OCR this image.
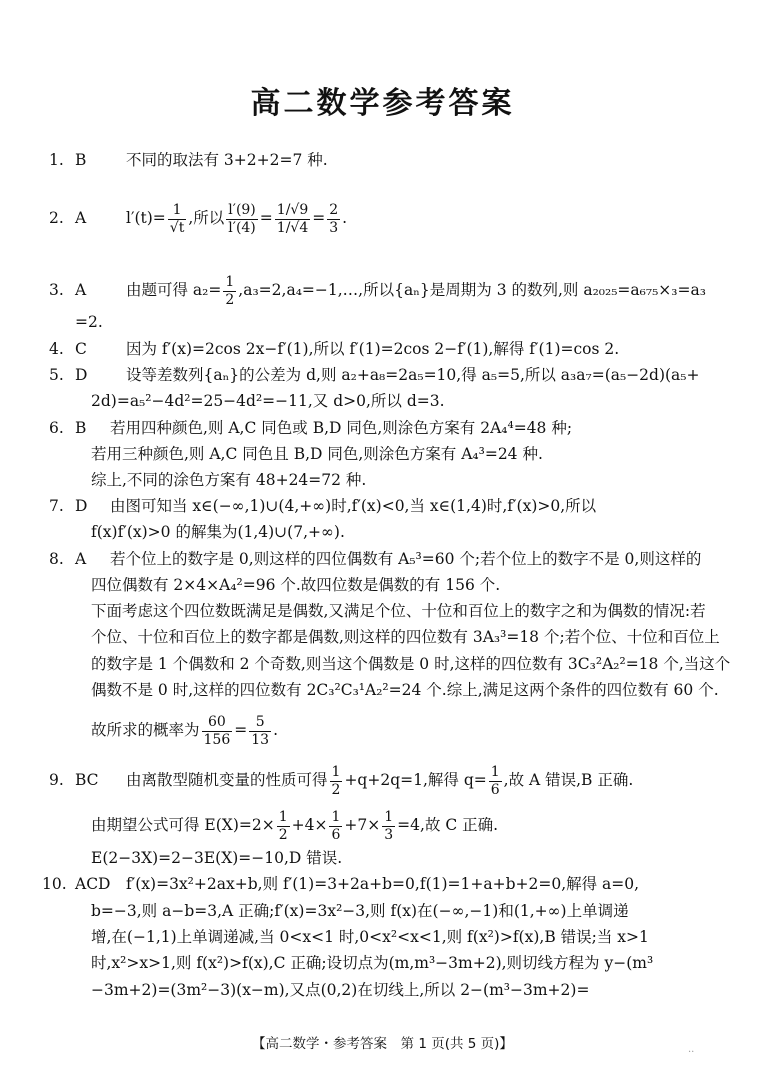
高二数学参考答案
1. B	不同的取法有 3+2+2=7 种.
2. A	$l'(t)= \frac{1}{√t}$ ,所以 $\frac{l'(9)}{l'(4)} = \frac{1/√9}{1/√4} = \frac{2}{3}$ .
3. A	由题可得 $a_2= \frac{1}{2}$ ,a₃=2,a₄=−1,…,所以{aₙ}是周期为 3 的数列,则 a₂₀₂₅=a₆₇₅×₃=a₃
=2.
4. C	因为 f′(x)=2cos 2x−f′(1),所以 f′(1)=2cos 2−f′(1),解得 f′(1)=cos 2.
5. D 设等差数列{aₙ}的公差为 d,则 a₂+a₈=2a₅=10,得 a₅=5,所以 a₃a₇=(a₅−2d)(a₅+
2d)=a₅²−4d²=25−4d²=−11,又 d>0,所以 d=3.
6. B 若用四种颜色,则 A,C 同色或 B,D 同色,则涂色方案有 2A₄⁴=48 种;
若用三种颜色,则 A,C 同色且 B,D 同色,则涂色方案有 A₄³=24 种.
综上,不同的涂色方案有 48+24=72 种.
7. D 由图可知当 x∈(−∞,1)∪(4,+∞)时,f′(x)<0,当 x∈(1,4)时,f′(x)>0,所以
f(x)f′(x)>0 的解集为(1,4)∪(7,+∞).
8. A 若个位上的数字是 0,则这样的四位偶数有 A₅³=60 个;若个位上的数字不是 0,则这样的
四位偶数有 2×4×A₄²=96 个.故四位数是偶数的有 156 个.
下面考虑这个四位数既满足是偶数,又满足个位、十位和百位上的数字之和为偶数的情况:若
个位、十位和百位上的数字都是偶数,则这样的四位数有 3A₃³=18 个;若个位、十位和百位上
的数字是 1 个偶数和 2 个奇数,则当这个偶数是 0 时,这样的四位数有 3C₃²A₂²=18 个,当这个
偶数不是 0 时,这样的四位数有 2C₃²C₃¹A₂²=24 个.综上,满足这两个条件的四位数有 60 个.
故所求的概率为 $\frac{60}{156} = \frac{5}{13}$ .
9. BC 由离散型随机变量的性质可得 $\frac{1}{2} +q+2q=1$,解得 $q= \frac{1}{6}$ ,故 A 错误,B 正确.
由期望公式可得 $E(X)=2\times \frac{1}{2} +4\times \frac{1}{6} +7\times \frac{1}{3} =4$,故 C 正确.
E(2−3X)=2−3E(X)=−10,D 错误.
10. ACD f′(x)=3x²+2ax+b,则 f′(1)=3+2a+b=0,f(1)=1+a+b+2=0,解得 a=0,
b=−3,则 a−b=3,A 正确;f′(x)=3x²−3,则 f(x)在(−∞,−1)和(1,+∞)上单调递
增,在(−1,1)上单调递减,当 0<x<1 时,0<x²<x<1,则 f(x²)>f(x),B 错误;当 x>1
时,x²>x>1,则 f(x²)>f(x),C 正确;设切点为(m,m³−3m+2),则切线方程为 y−(m³
−3m+2)=(3m²−3)(x−m),又点(0,2)在切线上,所以 2−(m³−3m+2)=
【高二数学・参考答案　第 1 页(共 5 页)】	..
